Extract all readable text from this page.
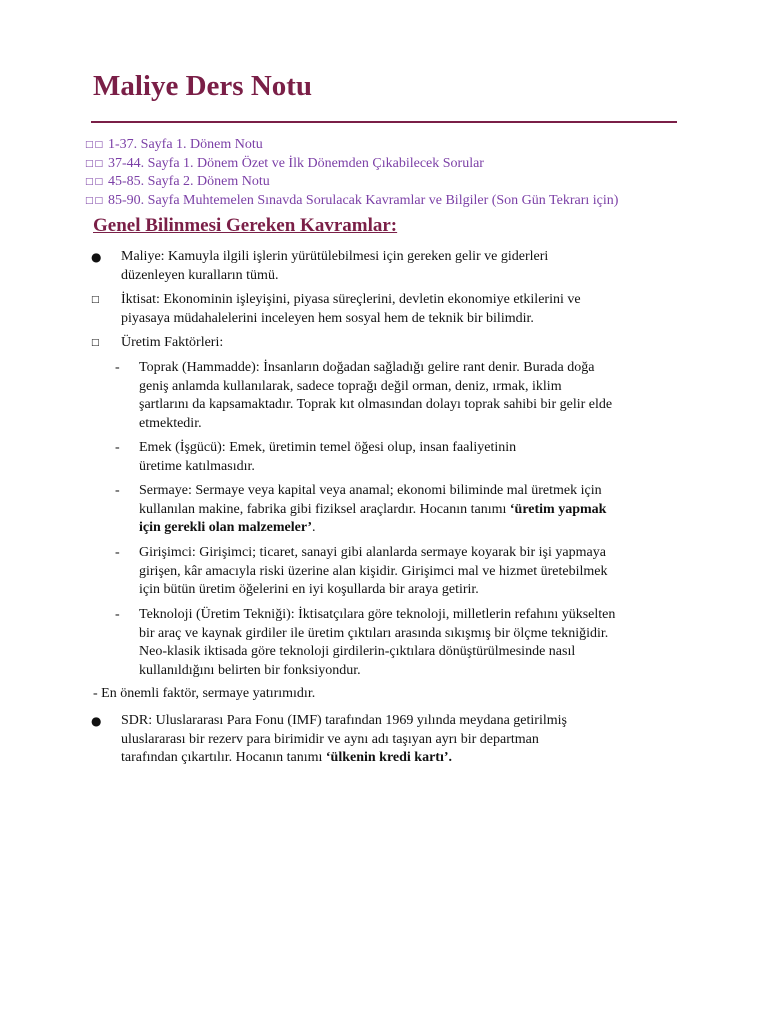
Maliye Ders Notu
□□ 1-37. Sayfa 1. Dönem Notu
□□ 37-44. Sayfa 1. Dönem Özet ve İlk Dönemden Çıkabilecek Sorular
□□ 45-85. Sayfa 2. Dönem Notu
□□ 85-90. Sayfa Muhtemelen Sınavda Sorulacak Kavramlar ve Bilgiler (Son Gün Tekrarı için)
Genel Bilinmesi Gereken Kavramlar:
● Maliye: Kamuyla ilgili işlerin yürütülebilmesi için gereken gelir ve giderleri
düzenleyen kuralların tümü.
□ İktisat: Ekonominin işleyişini, piyasa süreçlerini, devletin ekonomiye etkilerini ve
piyasaya müdahalelerini inceleyen hem sosyal hem de teknik bir bilimdir.
□ Üretim Faktörleri:
- Toprak (Hammadde): İnsanların doğadan sağladığı gelire rant denir. Burada doğa
geniş anlamda kullanılarak, sadece toprağı değil orman, deniz, ırmak, iklim
şartlarını da kapsamaktadır. Toprak kıt olmasından dolayı toprak sahibi bir gelir elde
etmektedir.
- Emek (İşgücü): Emek, üretimin temel öğesi olup, insan faaliyetinin
üretime katılmasıdır.
- Sermaye: Sermaye veya kapital veya anamal; ekonomi biliminde mal üretmek için
kullanılan makine, fabrika gibi fiziksel araçlardır. Hocanın tanımı ‘üretim yapmak
için gerekli olan malzemeler’.
- Girişimci: Girişimci; ticaret, sanayi gibi alanlarda sermaye koyarak bir işi yapmaya
girişen, kâr amacıyla riski üzerine alan kişidir. Girişimci mal ve hizmet üretebilmek
için bütün üretim öğelerini en iyi koşullarda bir araya getirir.
- Teknoloji (Üretim Tekniği): İktisatçılara göre teknoloji, milletlerin refahını yükselten
bir araç ve kaynak girdiler ile üretim çıktıları arasında sıkışmış bir ölçme tekniğidir.
Neo-klasik iktisada göre teknoloji girdilerin-çıktılara dönüştürülmesinde nasıl
kullanıldığını belirten bir fonksiyondur.
- En önemli faktör, sermaye yatırımıdır.
● SDR: Uluslararası Para Fonu (IMF) tarafından 1969 yılında meydana getirilmiş
uluslararası bir rezerv para birimidir ve aynı adı taşıyan ayrı bir departman
tarafından çıkartılır. Hocanın tanımı ‘ülkenin kredi kartı’.
